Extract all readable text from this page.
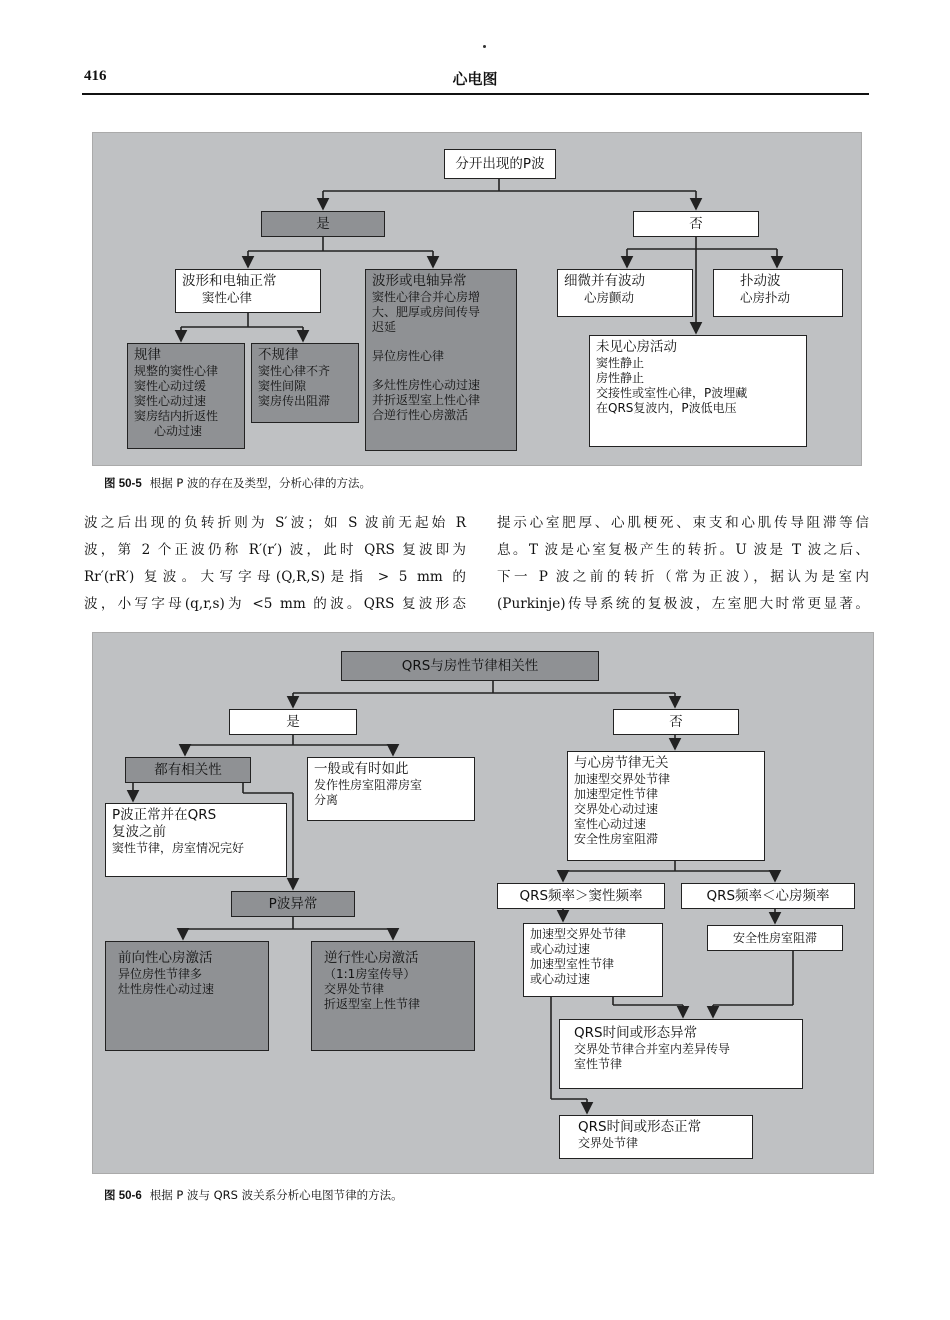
416	心电图
分开出现的P波
是	否
波形和电轴正常
窦性心律
规律
规整的窦性心律
窦性心动过缓
窦性心动过速
窦房结内折返性
心动过速
不规律
窦性心律不齐
窦性间隙
窦房传出阻滞
波形或电轴异常
窦性心律合并心房增
大、肥厚或房间传导
迟延
异位房性心律
多灶性房性心动过速
并折返型室上性心律
合逆行性心房激活
细微并有波动
心房颤动
扑动波
心房扑动
未见心房活动
窦性静止
房性静止
交接性或室性心律，P波埋藏
在QRS复波内，P波低电压
图 50-5 根据 P 波的存在及类型，分析心律的方法。
波之后出现的负转折则为 S′波；如 S 波前无起始 R
波，第 2 个正波仍称 R′(r′) 波，此时 QRS 复波即为
Rr′(rR′) 复波。大写字母(Q,R,S)是指 > 5 mm 的
波，小写字母(q,r,s)为 <5 mm 的波。QRS 复波形态
提示心室肥厚、心肌梗死、束支和心肌传导阻滞等信
息。T 波是心室复极产生的转折。U 波是 T 波之后、
下一 P 波之前的转折（常为正波），据认为是室内
(Purkinje)传导系统的复极波，左室肥大时常更显著。
QRS与房性节律相关性
是	否
都有相关性	一般或有时如此
发作性房室阻滞房室
分离
P波正常并在QRS
复波之前
窦性节律，房室情况完好
P波异常
前向性心房激活
异位房性节律多
灶性房性心动过速
逆行性心房激活
（1:1房室传导）
交界处节律
折返型室上性节律
与心房节律无关
加速型交界处节律
加速型定性节律
交界处心动过速
室性心动过速
安全性房室阻滞
QRS频率＞窦性频率	QRS频率＜心房频率
加速型交界处节律
或心动过速
加速型室性节律
或心动过速
安全性房室阻滞
QRS时间或形态异常
交界处节律合并室内差异传导
室性节律
QRS时间或形态正常
交界处节律
图 50-6 根据 P 波与 QRS 波关系分析心电图节律的方法。
